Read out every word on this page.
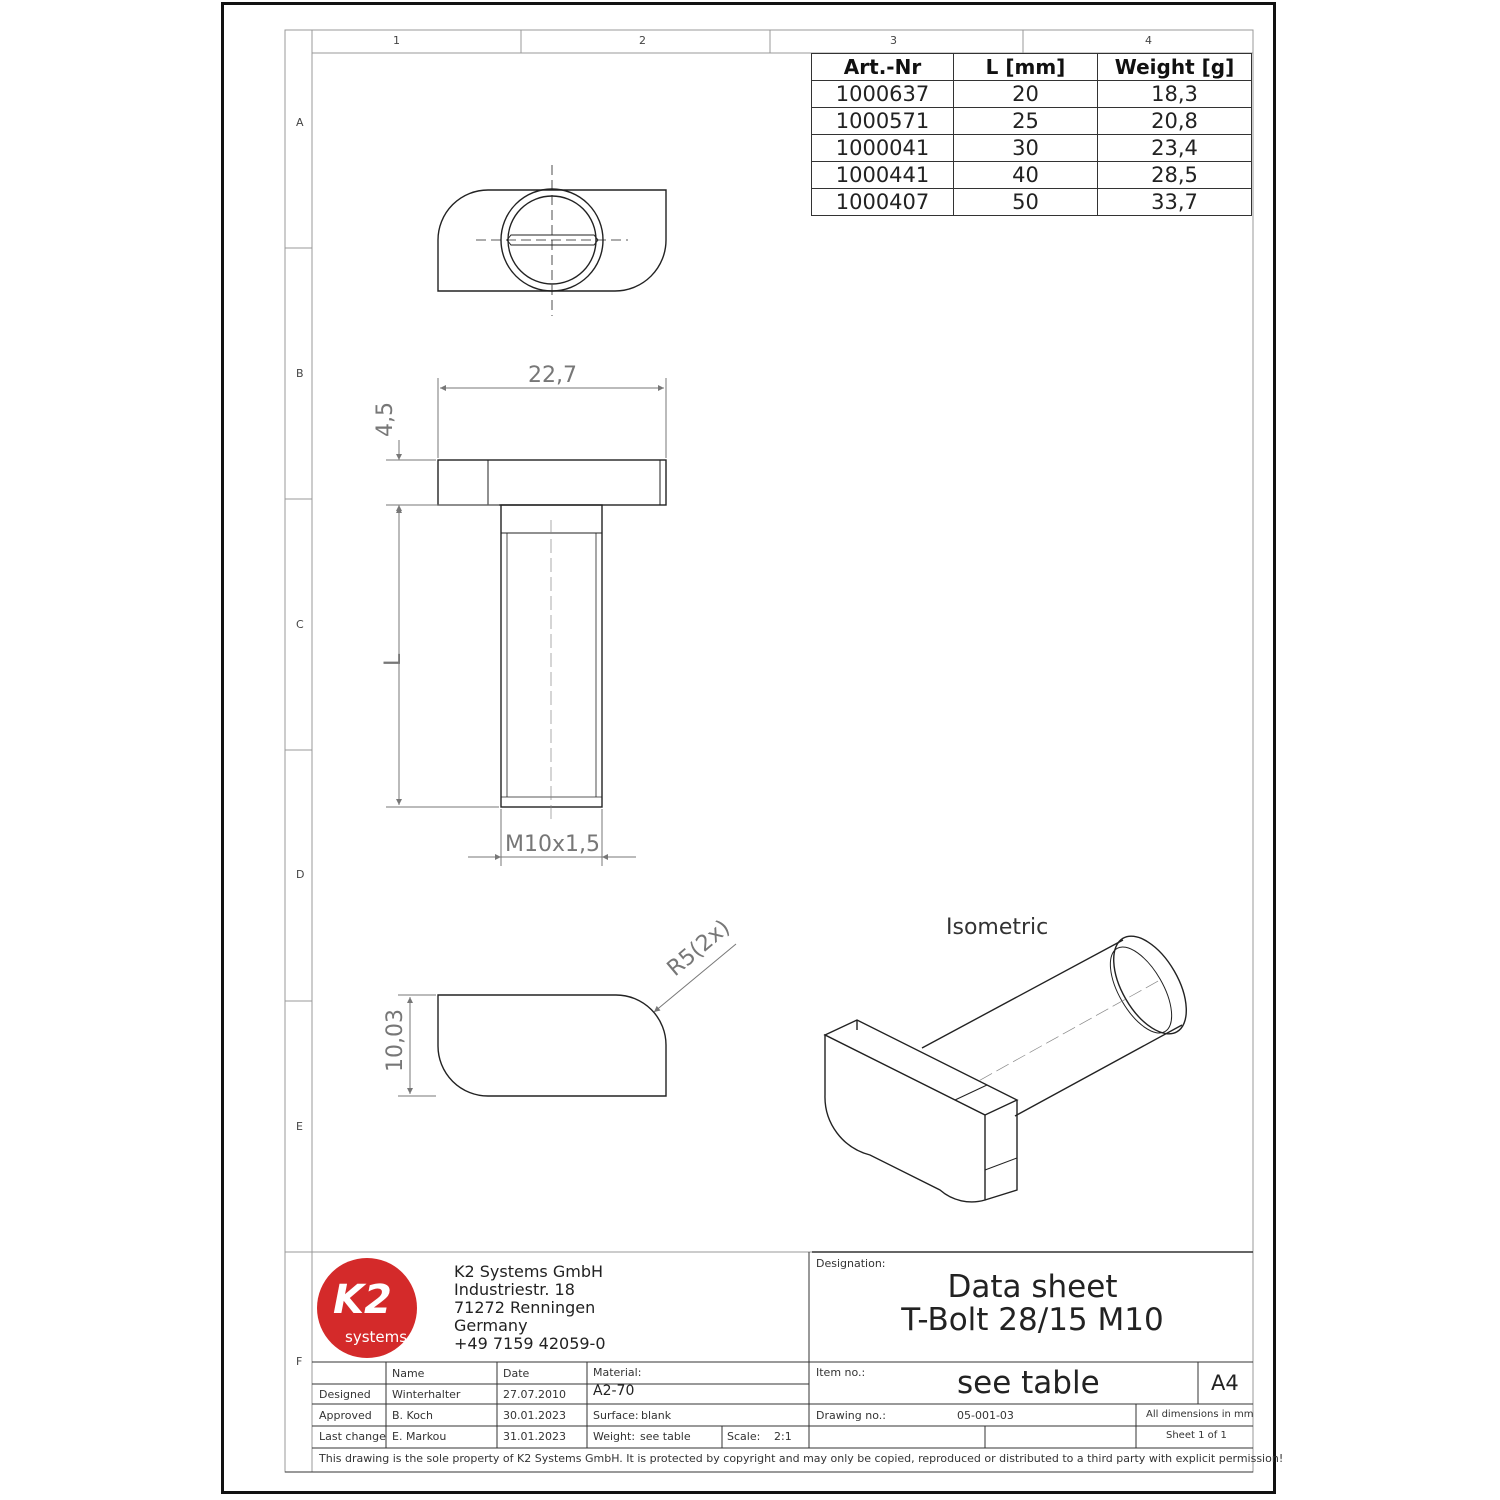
1	2	3	4
A
B
C
D
E
F
Art.-Nr	L [mm]	Weight [g]
1000637	20	18,3
1000571	25	20,8
1000041	30	23,4
1000441	40	28,5
1000407	50	33,7
22,7
4,5
L
M10x1,5
10,03
R5(2x)	Isometric
K2
systems
K2 Systems GmbH
Industriestr. 18
71272 Renningen
Germany
+49 7159 42059-0
Designation:
Data sheet
T-Bolt 28/15 M10
Name	Date
Designed Winterhalter	27.07.2010
Approved B. Koch	30.01.2023
Last change E. Markou	31.01.2023
Material:
A2-70
Surface: blank
Weight: see table	Scale: 2:1
Item no.:	see table	A4
Drawing no.:	05-001-03	All dimensions in mm
Sheet 1 of 1
This drawing is the sole property of K2 Systems GmbH. It is protected by copyright and may only be copied, reproduced or distributed to a third party with explicit permission!
